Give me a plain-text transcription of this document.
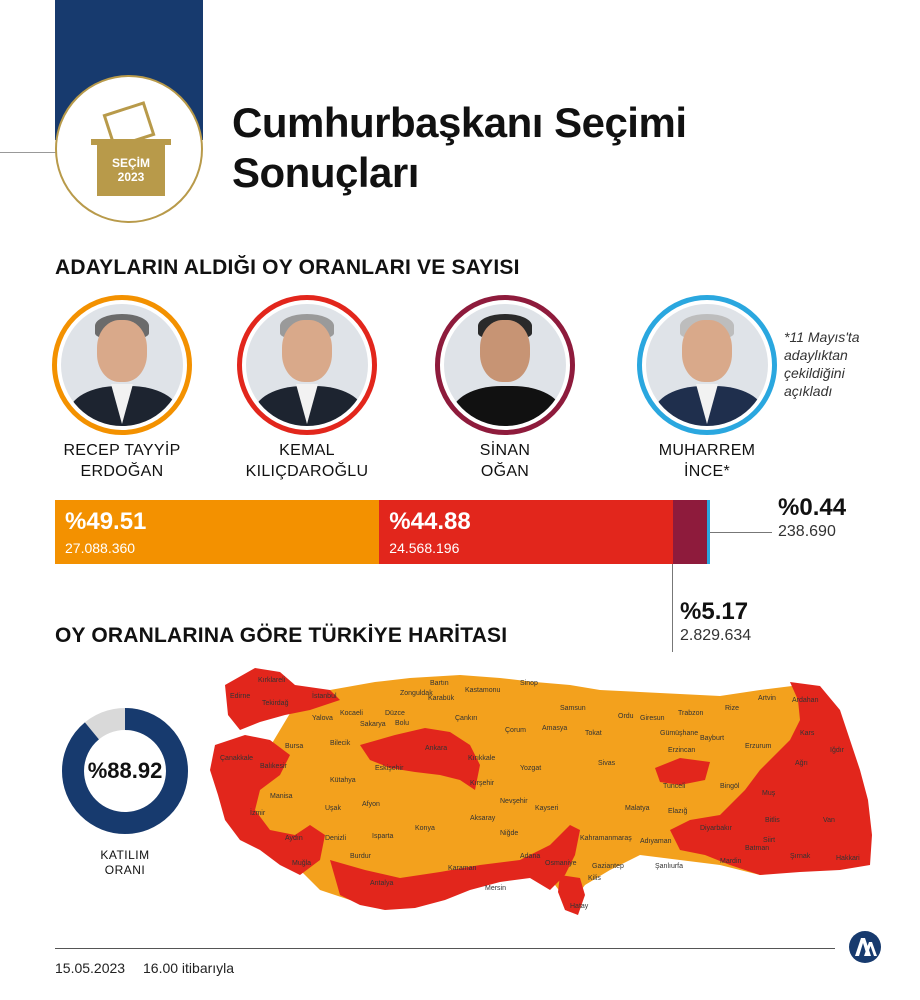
SEÇİM
2023
Cumhurbaşkanı Seçimi
Sonuçları
ADAYLARIN ALDIĞI OY ORANLARI VE SAYISI
*11 Mayıs'ta
adaylıktan
çekildiğini
açıkladı
RECEP TAYYİP
ERDOĞAN
KEMAL
KILIÇDAROĞLU
SİNAN
OĞAN
MUHARREM
İNCE*
%49.51
27.088.360
%44.88
24.568.196
%0.44
238.690
%5.17
2.829.634
OY ORANLARINA GÖRE TÜRKİYE HARİTASI
%88.92
KATILIM
ORANI
Kırklareli
Edirne
Tekirdağ
İstanbul
Yalova
Kocaeli
Sakarya
Düzce
Zonguldak
Bartın
Kastamonu
Sinop
Samsun
Ordu Giresun
Trabzon
Rize
Artvin Ardahan
Kars
Iğdır
Ağrı
Van
Hakkari
Şırnak
Siirt
Batman
Bitlis
Muş
Bingöl
Tunceli
Erzincan
Erzurum
Bayburt
Gümüşhane
Tokat
Amasya
Çorum
Çankırı
Karabük
Bolu
Bilecik
Bursa
Balıkesir
Çanakkale
İzmir
Manisa
Aydın
Muğla
Denizli
Uşak
Kütahya
Eskişehir
Ankara
Kırıkkale
Kırşehir
Yozgat
Sivas
Kayseri
Nevşehir
Aksaray
Konya
Afyon
Isparta
Burdur
Antalya
Karaman
Mersin
Adana
Niğde
Osmaniye
Hatay
Kilis
Gaziantep
Kahramanmaraş Adıyaman
Malatya	Elazığ
Diyarbakır
Şanlıurfa
Mardin
15.05.2023 16.00 itibarıyla
